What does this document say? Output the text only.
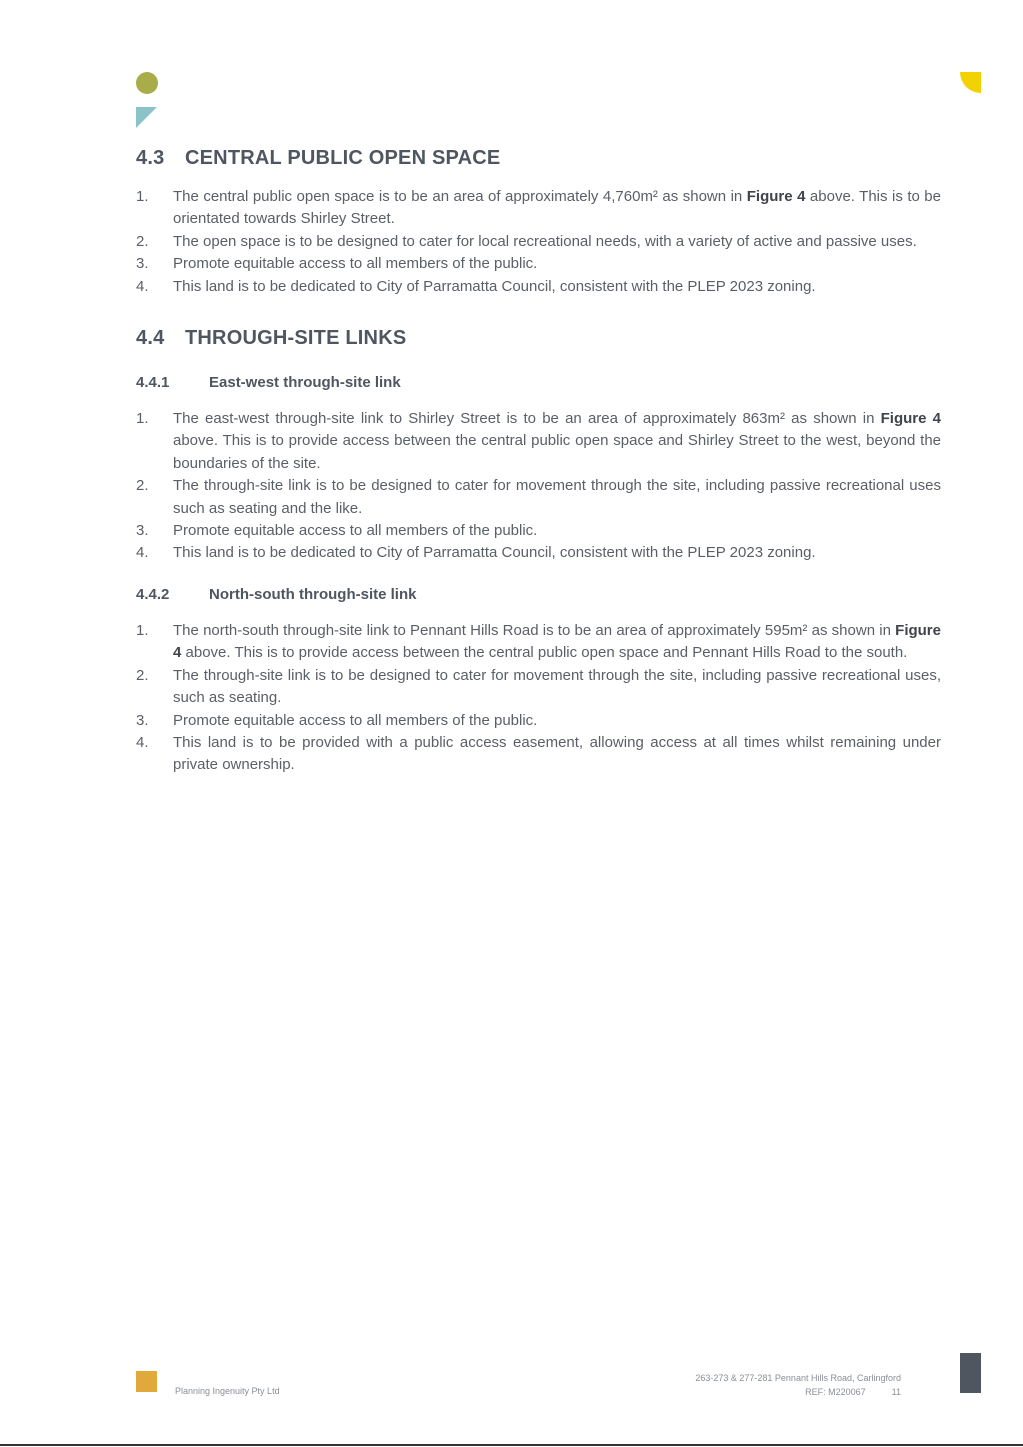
4.3 CENTRAL PUBLIC OPEN SPACE
1. The central public open space is to be an area of approximately 4,760m² as shown in Figure 4 above. This is to be orientated towards Shirley Street.
2. The open space is to be designed to cater for local recreational needs, with a variety of active and passive uses.
3. Promote equitable access to all members of the public.
4. This land is to be dedicated to City of Parramatta Council, consistent with the PLEP 2023 zoning.
4.4 THROUGH-SITE LINKS
4.4.1	East-west through-site link
1. The east-west through-site link to Shirley Street is to be an area of approximately 863m² as shown in Figure 4 above. This is to provide access between the central public open space and Shirley Street to the west, beyond the boundaries of the site.
2. The through-site link is to be designed to cater for movement through the site, including passive recreational uses such as seating and the like.
3. Promote equitable access to all members of the public.
4. This land is to be dedicated to City of Parramatta Council, consistent with the PLEP 2023 zoning.
4.4.2	North-south through-site link
1. The north-south through-site link to Pennant Hills Road is to be an area of approximately 595m² as shown in Figure 4 above. This is to provide access between the central public open space and Pennant Hills Road to the south.
2. The through-site link is to be designed to cater for movement through the site, including passive recreational uses, such as seating.
3. Promote equitable access to all members of the public.
4. This land is to be provided with a public access easement, allowing access at all times whilst remaining under private ownership.
Planning Ingenuity Pty Ltd
263-273 & 277-281 Pennant Hills Road, Carlingford
REF: M220067	11
